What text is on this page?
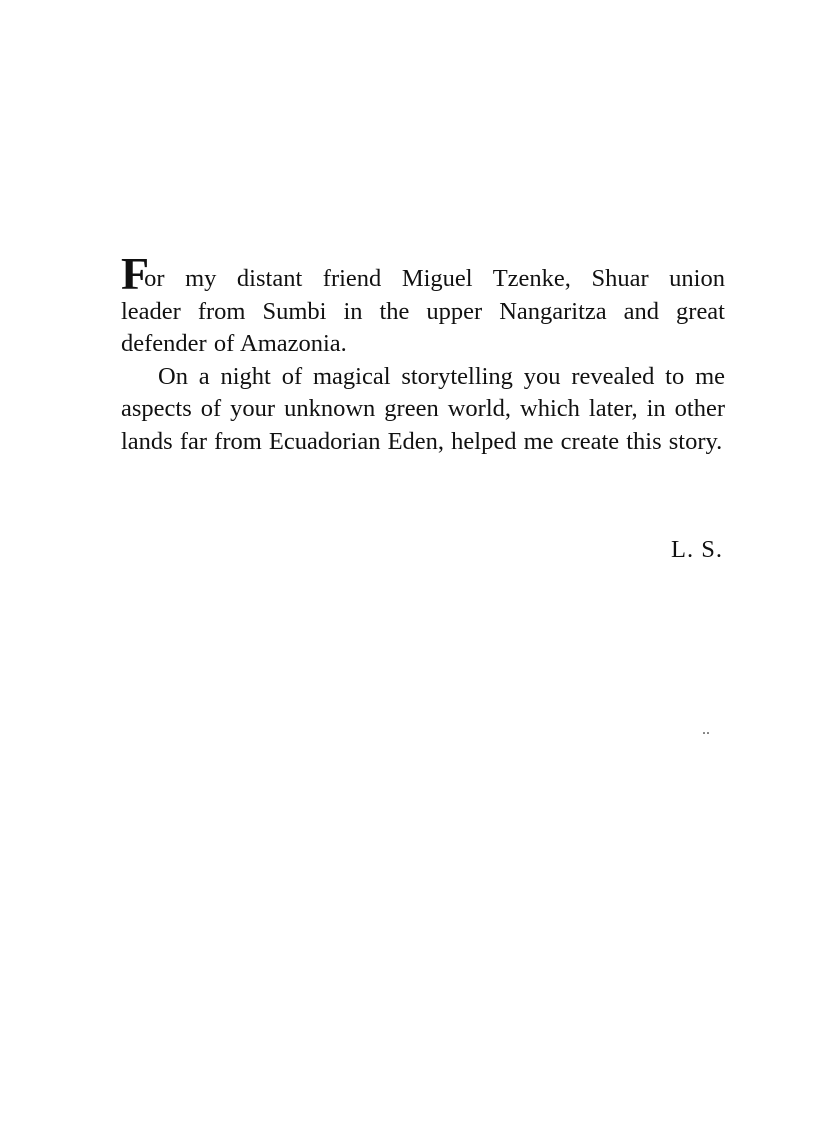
For my distant friend Miguel Tzenke, Shuar union
leader from Sumbi in the upper Nangaritza and great defender of Amazonia.

On a night of magical storytelling you revealed to me aspects of your unknown green world, which later, in other lands far from Ecuadorian Eden, helped me create this story.

L. S.
